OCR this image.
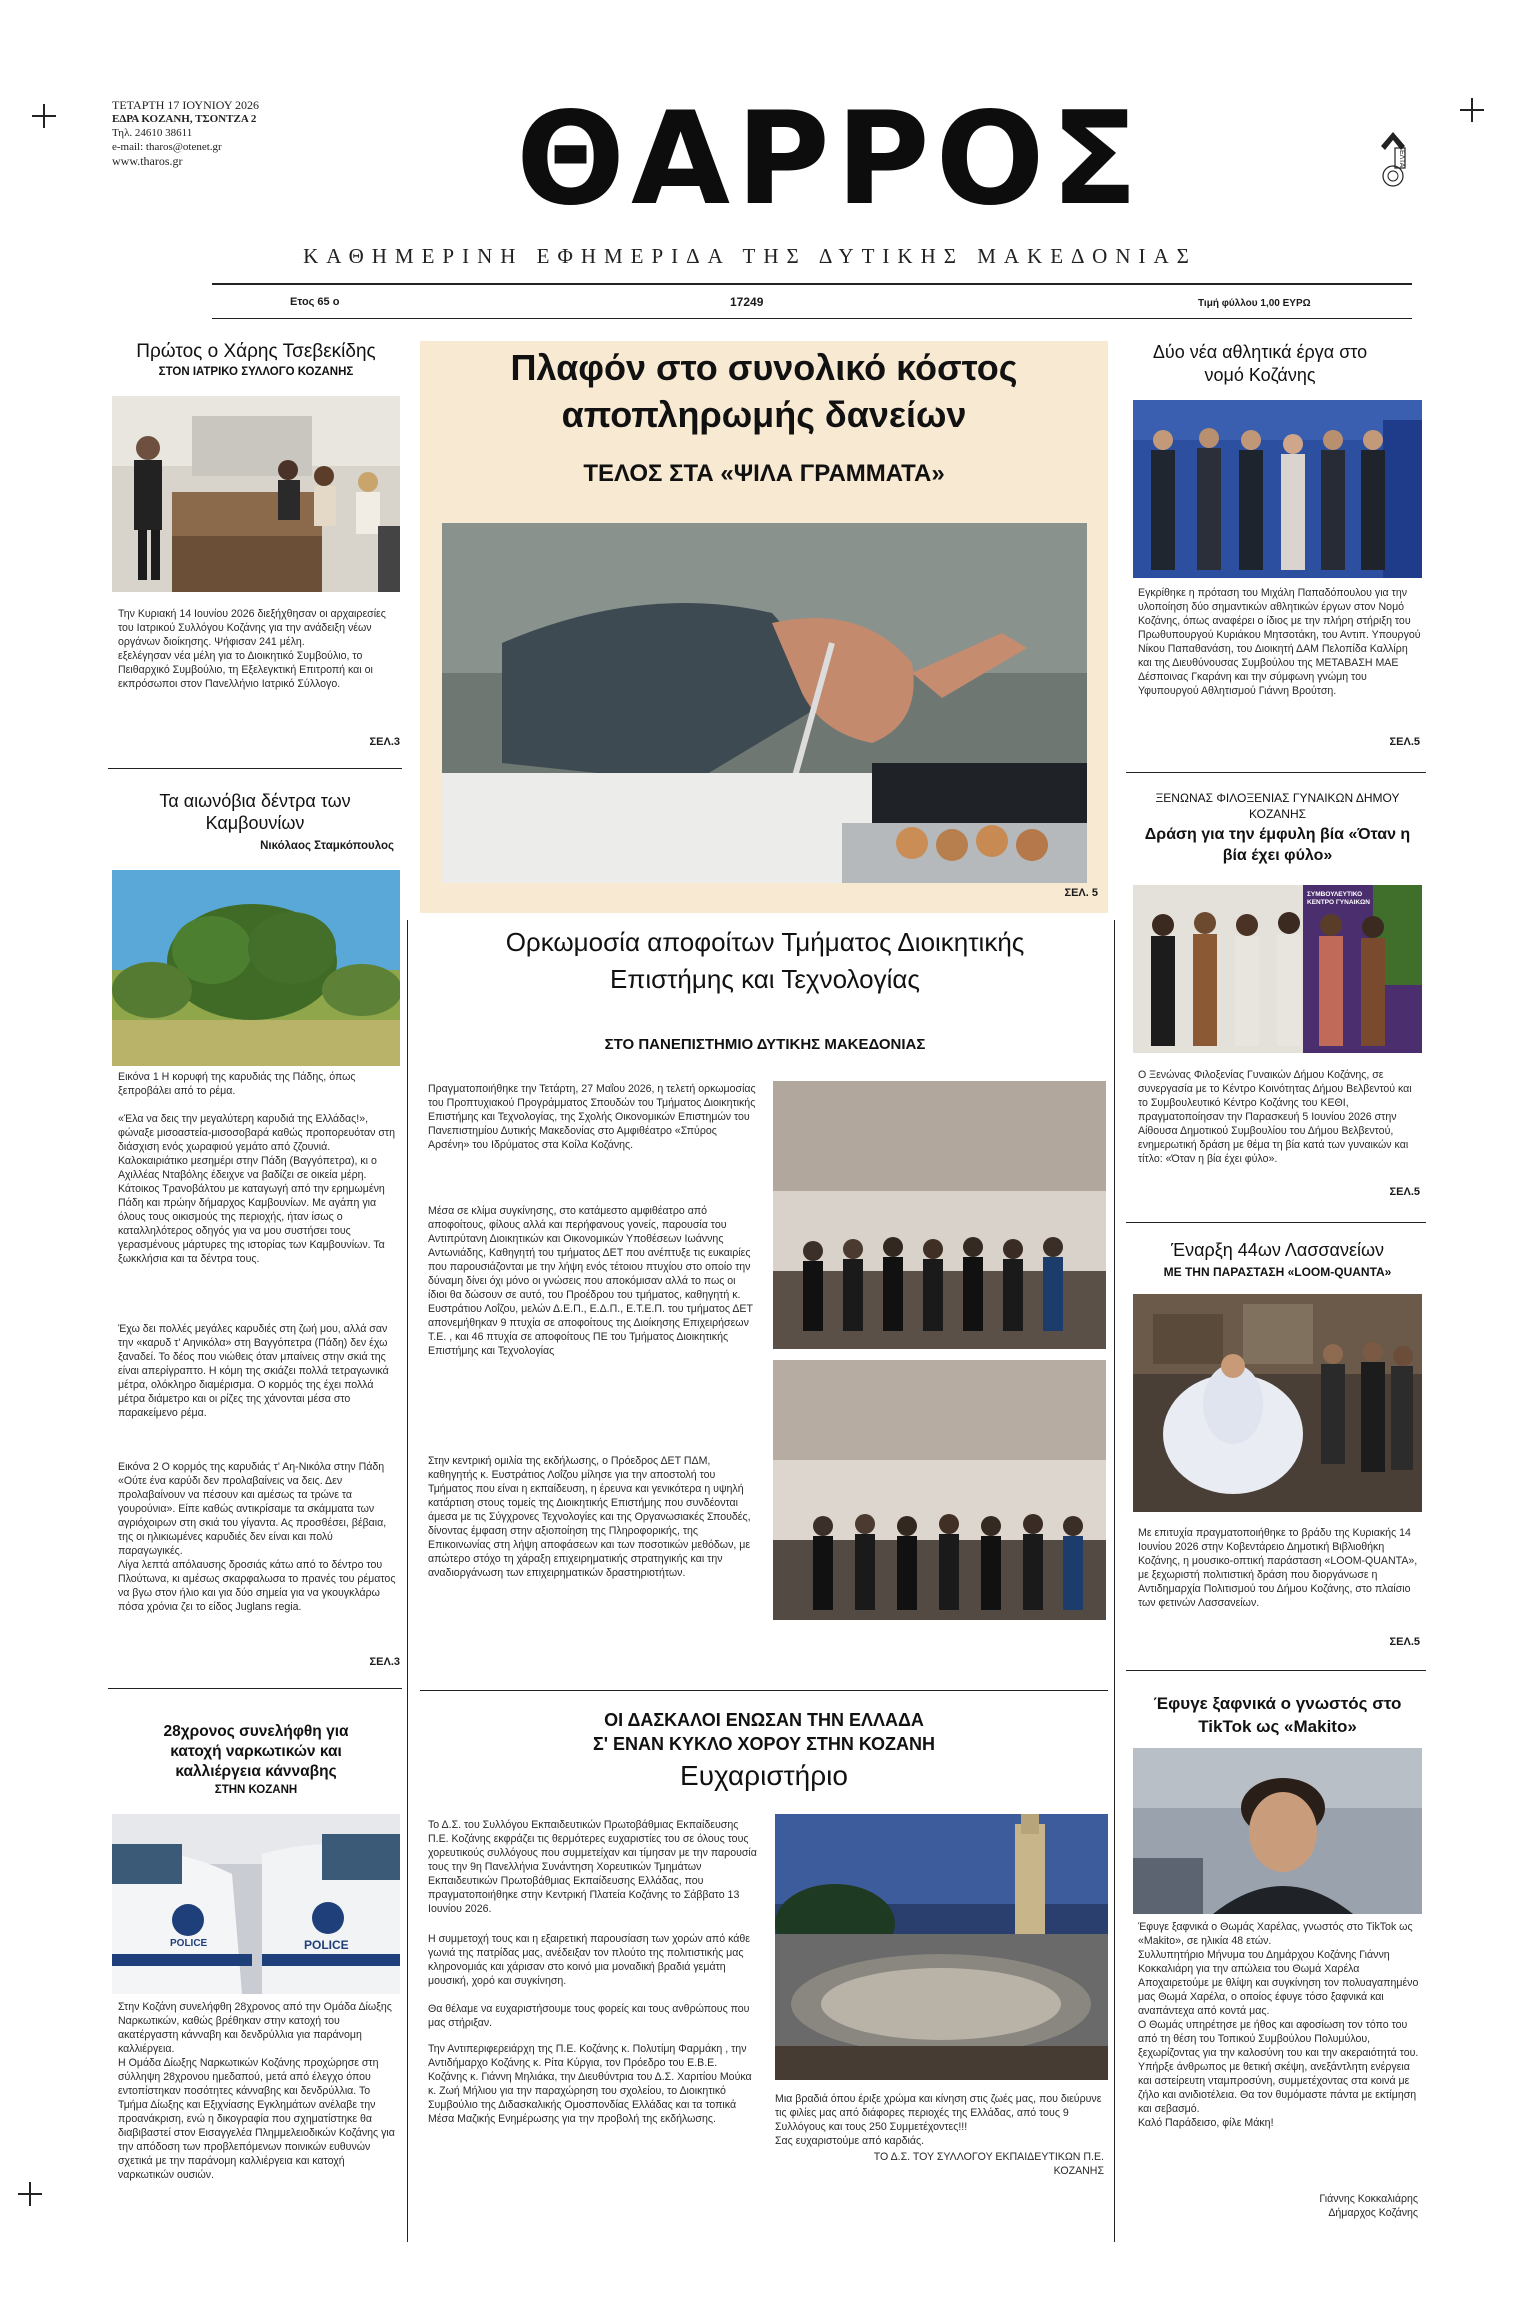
ΤΕΤΑΡΤΗ 17 ΙΟΥΝΙΟΥ 2026
ΕΔΡΑ ΚΟΖΑΝΗ, ΤΣΟΝΤΖΑ 2
Τηλ. 24610 38611
e-mail: tharos@otenet.gr
www.tharos.gr	ΘΑΡΡΟΣ	ΕΛΤΑ
ΚΑΘΗΜΕΡΙΝΗ ΕΦΗΜΕΡΙΔΑ ΤΗΣ ΔΥΤΙΚΗΣ ΜΑΚΕΔΟΝΙΑΣ
Ετος 65 ο	17249	Τιμή φύλλου 1,00 ΕΥΡΩ
Πρώτος ο Χάρης Τσεβεκίδης
ΣΤΟΝ ΙΑΤΡΙΚΟ ΣΥΛΛΟΓΟ ΚΟΖΑΝΗΣ
Την Κυριακή 14 Ιουνίου 2026 διεξήχθησαν οι αρχαιρεσίες του Ιατρικού Συλλόγου Κοζάνης για την ανάδειξη νέων οργάνων διοίκησης. Ψήφισαν 241 μέλη.
εξελέγησαν νέα μέλη για το Διοικητικό Συμβούλιο, το Πειθαρχικό Συμβούλιο, τη Εξελεγκτική Επιτροπή και οι εκπρόσωποι στον Πανελλήνιο Ιατρικό Σύλλογο.
ΣΕΛ.3
Τα αιωνόβια δέντρα των Καμβουνίων
Νικόλαος Σταμκόπουλος
Εικόνα 1 Η κορυφή της καρυδιάς της Πάδης, όπως ξεπροβάλει από το ρέμα.
«Έλα να δεις την μεγαλύτερη καρυδιά της Ελλάδας!», φώναξε μισοαστεία-μισοσοβαρά καθώς προπορευόταν στη διάσχιση ενός χωραφιού γεμάτο από ζζουνιά. Καλοκαιριάτικο μεσημέρι στην Πάδη (Βαγγόπετρα), κι ο Αχιλλέας Νταβόλης έδειχνε να βαδίζει σε οικεία μέρη. Κάτοικος Τρανοβάλτου με καταγωγή από την ερημωμένη Πάδη και πρώην δήμαρχος Καμβουνίων. Με αγάπη για όλους τους οικισμούς της περιοχής, ήταν ίσως ο καταλληλότερος οδηγός για να μου συστήσει τους γερασμένους μάρτυρες της ιστορίας των Καμβουνίων. Τα ξωκκλήσια και τα δέντρα τους.
Έχω δει πολλές μεγάλες καρυδιές στη ζωή μου, αλλά σαν την «καρυδ τ' Αηνικόλα» στη Βαγγόπετρα (Πάδη) δεν έχω ξαναδεί. Το δέος που νιώθεις όταν μπαίνεις στην σκιά της είναι απερίγραπτο. Η κόμη της σκιάζει πολλά τετραγωνικά μέτρα, ολόκληρο διαμέρισμα. Ο κορμός της έχει πολλά μέτρα διάμετρο και οι ρίζες της χάνονται μέσα στο παρακείμενο ρέμα.
Εικόνα 2 Ο κορμός της καρυδιάς τ' Αη-Νικόλα στην Πάδη
«Ούτε ένα καρύδι δεν προλαβαίνεις να δεις. Δεν προλαβαίνουν να πέσουν και αμέσως τα τρώνε τα γουρούνια». Είπε καθώς αντικρίσαμε τα σκάμματα των αγριόχοιρων στη σκιά του γίγαντα. Ας προσθέσει, βέβαια, της οι ηλικιωμένες καρυδιές δεν είναι και πολύ παραγωγικές.
Λίγα λεπτά απόλαυσης δροσιάς κάτω από το δέντρο του Πλούτωνα, κι αμέσως σκαρφαλωσα το πρανές του ρέματος να βγω στον ήλιο και για δύο σημεία για να γκουγκλάρω πόσα χρόνια ζει το είδος Juglans regia.
ΣΕΛ.3
28χρονος συνελήφθη για κατοχή ναρκωτικών και καλλιέργεια κάνναβης
ΣΤΗΝ ΚΟΖΑΝΗ
POLICE	POLICE
Στην Κοζάνη συνελήφθη 28χρονος από την Ομάδα Δίωξης Ναρκωτικών, καθώς βρέθηκαν στην κατοχή του ακατέργαστη κάνναβη και δενδρύλλια για παράνομη καλλιέργεια.
Η Ομάδα Δίωξης Ναρκωτικών Κοζάνης προχώρησε στη σύλληψη 28χρονου ημεδαπού, μετά από έλεγχο όπου εντοπίστηκαν ποσότητες κάνναβης και δενδρύλλια. Το Τμήμα Δίωξης και Εξιχνίασης Εγκλημάτων ανέλαβε την προανάκριση, ενώ η δικογραφία που σχηματίστηκε θα διαβιβαστεί στον Εισαγγελέα Πλημμελειοδικών Κοζάνης για την απόδοση των προβλεπόμενων ποινικών ευθυνών σχετικά με την παράνομη καλλιέργεια και κατοχή ναρκωτικών ουσιών.
Πλαφόν στο συνολικό κόστος αποπληρωμής δανείων
ΤΕΛΟΣ ΣΤΑ «ΨΙΛΑ ΓΡΑΜΜΑΤΑ»
ΣΕΛ. 5
Ορκωμοσία αποφοίτων Τμήματος Διοικητικής Επιστήμης και Τεχνολογίας
ΣΤΟ ΠΑΝΕΠΙΣΤΗΜΙΟ ΔΥΤΙΚΗΣ ΜΑΚΕΔΟΝΙΑΣ
Πραγματοποιήθηκε την Τετάρτη, 27 Μαΐου 2026, η τελετή ορκωμοσίας του Προπτυχιακού Προγράμματος Σπουδών του Τμήματος Διοικητικής Επιστήμης και Τεχνολογίας, της Σχολής Οικονομικών Επιστημών του Πανεπιστημίου Δυτικής Μακεδονίας στο Αμφιθέατρο «Σπύρος Αρσένη» του Ιδρύματος στα Κοίλα Κοζάνης.
Μέσα σε κλίμα συγκίνησης, στο κατάμεστο αμφιθέατρο από αποφοίτους, φίλους αλλά και περήφανους γονείς, παρουσία του Αντιπρύτανη Διοικητικών και Οικονομικών Υποθέσεων Ιωάννης Αντωνιάδης, Καθηγητή του τμήματος ΔΕΤ που ανέπτυξε τις ευκαιρίες που παρουσιάζονται με την λήψη ενός τέτοιου πτυχίου στο οποίο την δύναμη δίνει όχι μόνο οι γνώσεις που αποκόμισαν αλλά το πως οι ίδιοι θα δώσουν σε αυτό, του Προέδρου του τμήματος, καθηγητή κ. Ευστράτιου Λοΐζου, μελών Δ.Ε.Π., Ε.Δ.Π., Ε.Τ.Ε.Π. του τμήματος ΔΕΤ απονεμήθηκαν 9 πτυχία σε αποφοίτους της Διοίκησης Επιχειρήσεων Τ.Ε. , και 46 πτυχία σε αποφοίτους ΠΕ του Τμήματος Διοικητικής Επιστήμης και Τεχνολογίας
Στην κεντρική ομιλία της εκδήλωσης, ο Πρόεδρος ΔΕΤ ΠΔΜ, καθηγητής κ. Ευστράτιος Λοΐζου μίλησε για την αποστολή του Τμήματος που είναι η εκπαίδευση, η έρευνα και γενικότερα η υψηλή κατάρτιση στους τομείς της Διοικητικής Επιστήμης που συνδέονται άμεσα με τις Σύγχρονες Τεχνολογίες και της Οργανωσιακές Σπουδές, δίνοντας έμφαση στην αξιοποίηση της Πληροφορικής, της Επικοινωνίας στη λήψη αποφάσεων και των ποσοτικών μεθόδων, με απώτερο στόχο τη χάραξη επιχειρηματικής στρατηγικής και την αναδιοργάνωση των επιχειρηματικών δραστηριοτήτων.
ΟΙ ΔΑΣΚΑΛΟΙ ΕΝΩΣΑΝ ΤΗΝ ΕΛΛΑΔΑ
Σ' ΕΝΑΝ ΚΥΚΛΟ ΧΟΡΟΥ ΣΤΗΝ ΚΟΖΑΝΗ
Ευχαριστήριο
Το Δ.Σ. του Συλλόγου Εκπαιδευτικών Πρωτοβάθμιας Εκπαίδευσης Π.Ε. Κοζάνης εκφράζει τις θερμότερες ευχαριστίες του σε όλους τους χορευτικούς συλλόγους που συμμετείχαν και τίμησαν με την παρουσία τους την 9η Πανελλήνια Συνάντηση Χορευτικών Τμημάτων Εκπαιδευτικών Πρωτοβάθμιας Εκπαίδευσης Ελλάδας, που πραγματοποιήθηκε στην Κεντρική Πλατεία Κοζάνης το Σάββατο 13 Ιουνίου 2026.
Η συμμετοχή τους και η εξαιρετική παρουσίαση των χορών από κάθε γωνιά της πατρίδας μας, ανέδειξαν τον πλούτο της πολιτιστικής μας κληρονομιάς και χάρισαν στο κοινό μια μοναδική βραδιά γεμάτη μουσική, χορό και συγκίνηση.
Θα θέλαμε να ευχαριστήσουμε τους φορείς και τους ανθρώπους που μας στήριξαν.
Την Αντιπεριφερειάρχη της Π.Ε. Κοζάνης κ. Πολυτίμη Φαρμάκη , την Αντιδήμαρχο Κοζάνης κ. Ρίτα Κύργια, τον Πρόεδρο του Ε.Β.Ε. Κοζάνης κ. Γιάννη Μηλιάκα, την Διευθύντρια του Δ.Σ. Χαριτίου Μούκα κ. Ζωή Μήλιου για την παραχώρηση του σχολείου, το Διοικητικό Συμβούλιο της Διδασκαλικής Ομοσπονδίας Ελλάδας και τα τοπικά Μέσα Μαζικής Ενημέρωσης για την προβολή της εκδήλωσης.
Μια βραδιά όπου έριξε χρώμα και κίνηση στις ζωές μας, που διεύρυνε τις φιλίες μας από διάφορες περιοχές της Ελλάδας, από τους 9 Συλλόγους και τους 250 Συμμετέχοντες!!!
Σας ευχαριστούμε από καρδιάς.
ΤΟ Δ.Σ. ΤΟΥ ΣΥΛΛΟΓΟΥ ΕΚΠΑΙΔΕΥΤΙΚΩΝ Π.Ε.
ΚΟΖΑΝΗΣ
Δύο νέα αθλητικά έργα στο νομό Κοζάνης
Εγκρίθηκε η πρόταση του Μιχάλη Παπαδόπουλου για την υλοποίηση δύο σημαντικών αθλητικών έργων στον Νομό Κοζάνης, όπως αναφέρει ο ίδιος με την πλήρη στήριξη του Πρωθυπουργού Κυριάκου Μητσοτάκη, του Αντιπ. Υπουργού Νίκου Παπαθανάση, του Διοικητή ΔΑΜ Πελοπίδα Καλλίρη και της Διευθύνουσας Συμβούλου της ΜΕΤΑΒΑΣΗ ΜΑΕ Δέσποινας Γκαράνη και την σύμφωνη γνώμη του Υφυπουργού Αθλητισμού Γιάννη Βρούτση.
ΣΕΛ.5
ΞΕΝΩΝΑΣ ΦΙΛΟΞΕΝΙΑΣ ΓΥΝΑΙΚΩΝ ΔΗΜΟΥ ΚΟΖΑΝΗΣ
Δράση για την έμφυλη βία «Όταν η βία έχει φύλο»
ΣΥΜΒΟΥΛΕΥΤΙΚΟ ΚΕΝΤΡΟ ΓΥΝΑΙΚΩΝ
Ο Ξενώνας Φιλοξενίας Γυναικών Δήμου Κοζάνης, σε συνεργασία με το Κέντρο Κοινότητας Δήμου Βελβεντού και το Συμβουλευτικό Κέντρο Κοζάνης του ΚΕΘΙ, πραγματοποίησαν την Παρασκευή 5 Ιουνίου 2026 στην Αίθουσα Δημοτικού Συμβουλίου του Δήμου Βελβεντού, ενημερωτική δράση με θέμα τη βία κατά των γυναικών και τίτλο: «Όταν η βία έχει φύλο».
ΣΕΛ.5
Έναρξη 44ων Λασσανείων
ΜΕ ΤΗΝ ΠΑΡΑΣΤΑΣΗ «LOOM-QUANTA»
Με επιτυχία πραγματοποιήθηκε το βράδυ της Κυριακής 14 Ιουνίου 2026 στην Κοβεντάρειο Δημοτική Βιβλιοθήκη Κοζάνης, η μουσικο-οπτική παράσταση «LOOM-QUANTA», με ξεχωριστή πολιτιστική δράση που διοργάνωσε η Αντιδημαρχία Πολιτισμού του Δήμου Κοζάνης, στο πλαίσιο των φετινών Λασσανείων.
ΣΕΛ.5
Έφυγε ξαφνικά ο γνωστός στο TikTok ως «Makito»
Έφυγε ξαφνικά ο Θωμάς Χαρέλας, γνωστός στο TikTok ως «Makito», σε ηλικία 48 ετών.
Συλλυπητήριο Μήνυμα του Δημάρχου Κοζάνης Γιάννη Κοκκαλιάρη για την απώλεια του Θωμά Χαρέλα
Αποχαιρετούμε με θλίψη και συγκίνηση τον πολυαγαπημένο μας Θωμά Χαρέλα, ο οποίος έφυγε τόσο ξαφνικά και αναπάντεχα από κοντά μας.
Ο Θωμάς υπηρέτησε με ήθος και αφοσίωση τον τόπο του από τη θέση του Τοπικού Συμβούλου Πολυμύλου, ξεχωρίζοντας για την καλοσύνη του και την ακεραιότητά του. Υπήρξε άνθρωπος με θετική σκέψη, ανεξάντλητη ενέργεια και αστείρευτη νταμπροσύνη, συμμετέχοντας στα κοινά με ζήλο και ανιδιοτέλεια. Θα τον θυμόμαστε πάντα με εκτίμηση και σεβασμό.
Καλό Παράδεισο, φίλε Μάκη!
Γιάννης Κοκκαλιάρης
Δήμαρχος Κοζάνης
